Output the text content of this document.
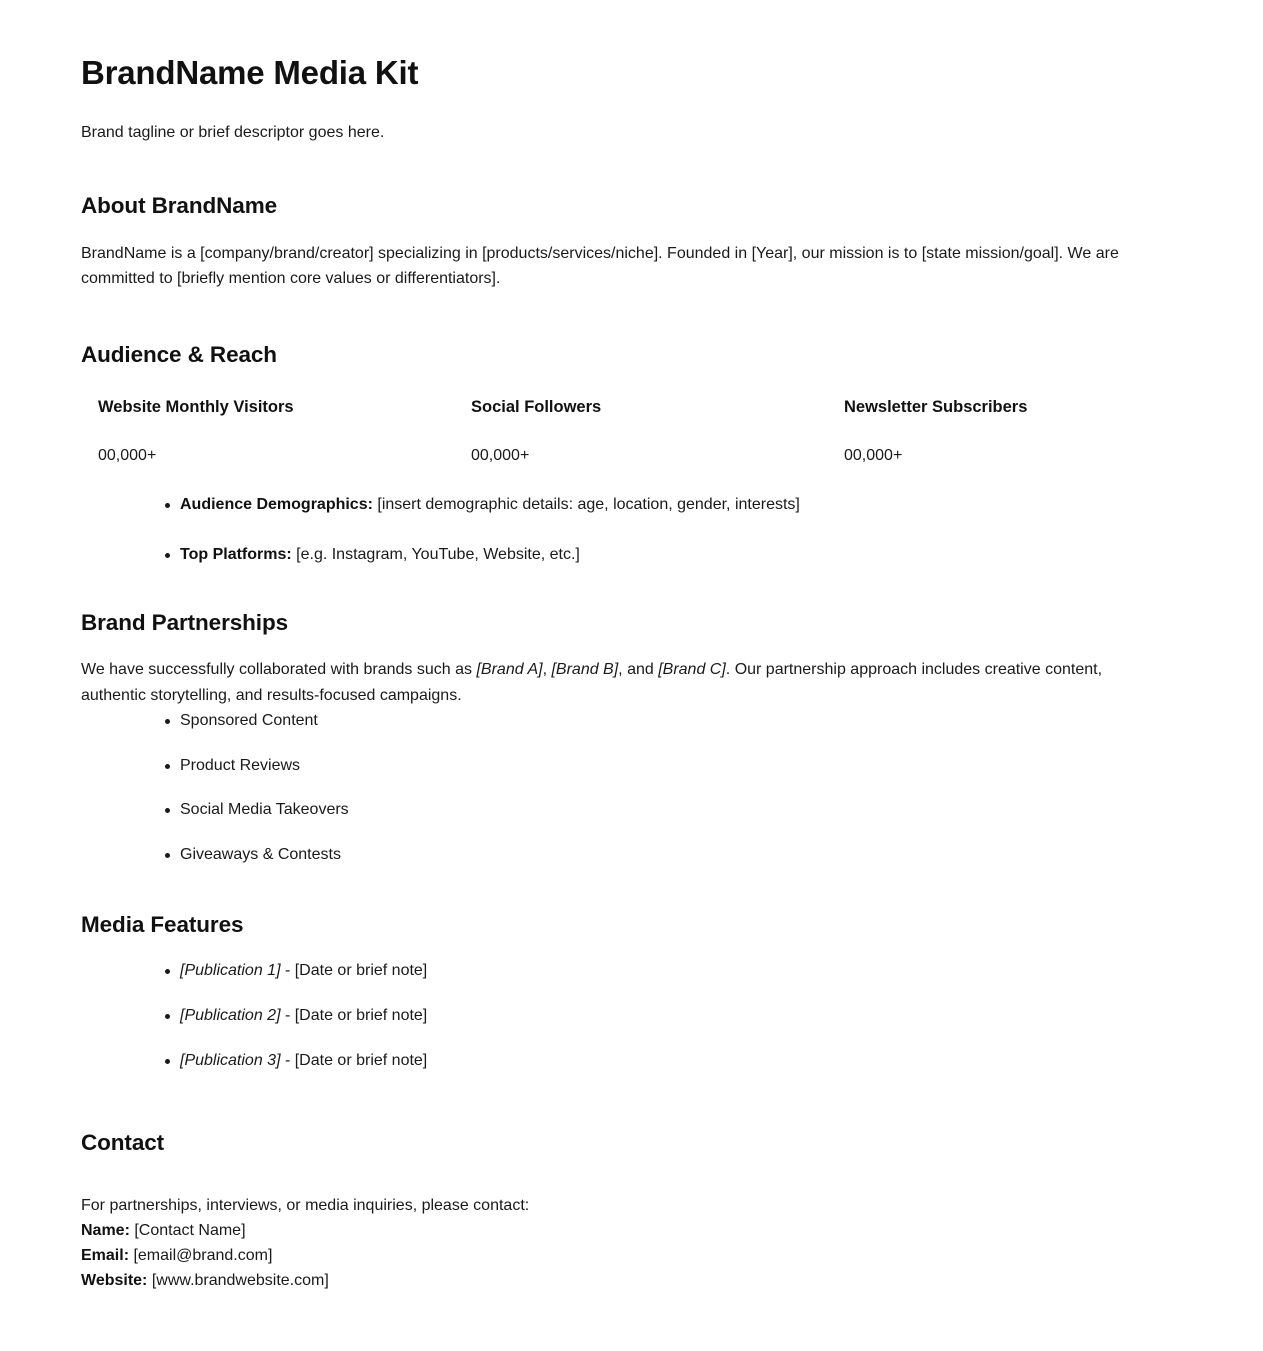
BrandName Media Kit

Brand tagline or brief descriptor goes here.

About BrandName

BrandName is a [company/brand/creator] specializing in [products/services/niche]. Founded in [Year], our mission is to [state mission/goal]. We are committed to [briefly mention core values or differentiators].

Audience & Reach
Website Monthly Visitors
00,000+
Social Followers
00,000+
Newsletter Subscribers
00,000+
Audience Demographics: [insert demographic details: age, location, gender, interests]
Top Platforms: [e.g. Instagram, YouTube, Website, etc.]
Brand Partnerships

We have successfully collaborated with brands such as [Brand A], [Brand B], and [Brand C]. Our partnership approach includes creative content, authentic storytelling, and results-focused campaigns.

Sponsored Content
Product Reviews
Social Media Takeovers
Giveaways & Contests
Media Features
[Publication 1] - [Date or brief note]
[Publication 2] - [Date or brief note]
[Publication 3] - [Date or brief note]
Contact
For partnerships, interviews, or media inquiries, please contact:
Name: [Contact Name]
Email: [email@brand.com]
Website: [www.brandwebsite.com]
